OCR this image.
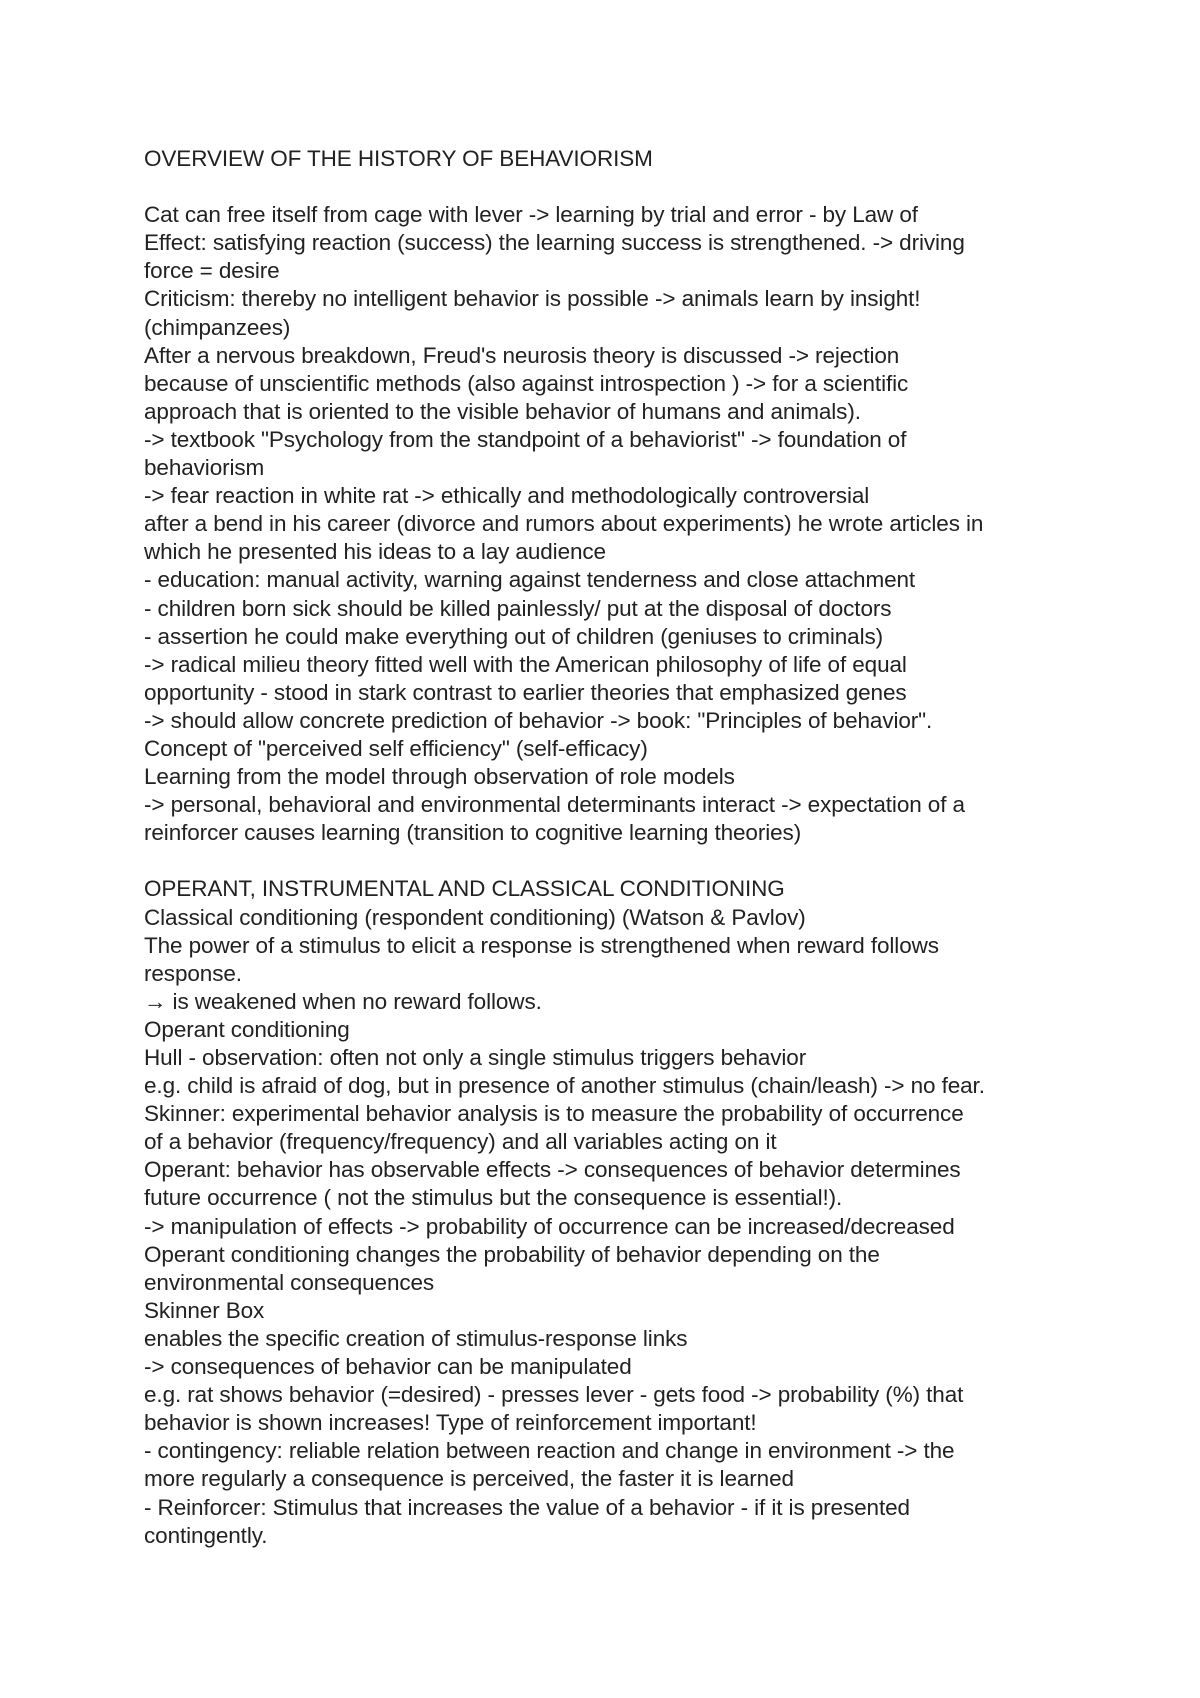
OVERVIEW OF THE HISTORY OF BEHAVIORISM
Cat can free itself from cage with lever -> learning by trial and error - by Law of
Effect: satisfying reaction (success) the learning success is strengthened. -> driving
force = desire
Criticism: thereby no intelligent behavior is possible -> animals learn by insight!
(chimpanzees)
After a nervous breakdown, Freud's neurosis theory is discussed -> rejection
because of unscientific methods (also against introspection ) -> for a scientific
approach that is oriented to the visible behavior of humans and animals).
-> textbook "Psychology from the standpoint of a behaviorist" -> foundation of
behaviorism
-> fear reaction in white rat -> ethically and methodologically controversial
after a bend in his career (divorce and rumors about experiments) he wrote articles in
which he presented his ideas to a lay audience
- education: manual activity, warning against tenderness and close attachment
- children born sick should be killed painlessly/ put at the disposal of doctors
- assertion he could make everything out of children (geniuses to criminals)
-> radical milieu theory fitted well with the American philosophy of life of equal
opportunity - stood in stark contrast to earlier theories that emphasized genes
-> should allow concrete prediction of behavior -> book: "Principles of behavior".
Concept of "perceived self efficiency" (self-efficacy)
Learning from the model through observation of role models
-> personal, behavioral and environmental determinants interact -> expectation of a
reinforcer causes learning (transition to cognitive learning theories)
OPERANT, INSTRUMENTAL AND CLASSICAL CONDITIONING
Classical conditioning (respondent conditioning) (Watson & Pavlov)
The power of a stimulus to elicit a response is strengthened when reward follows
response.
→ is weakened when no reward follows.
Operant conditioning
Hull - observation: often not only a single stimulus triggers behavior
e.g. child is afraid of dog, but in presence of another stimulus (chain/leash) -> no fear.
Skinner: experimental behavior analysis is to measure the probability of occurrence
of a behavior (frequency/frequency) and all variables acting on it
Operant: behavior has observable effects -> consequences of behavior determines
future occurrence ( not the stimulus but the consequence is essential!).
-> manipulation of effects -> probability of occurrence can be increased/decreased
Operant conditioning changes the probability of behavior depending on the
environmental consequences
Skinner Box
enables the specific creation of stimulus-response links
-> consequences of behavior can be manipulated
e.g. rat shows behavior (=desired) - presses lever - gets food -> probability (%) that
behavior is shown increases! Type of reinforcement important!
- contingency: reliable relation between reaction and change in environment -> the
more regularly a consequence is perceived, the faster it is learned
- Reinforcer: Stimulus that increases the value of a behavior - if it is presented
contingently.
